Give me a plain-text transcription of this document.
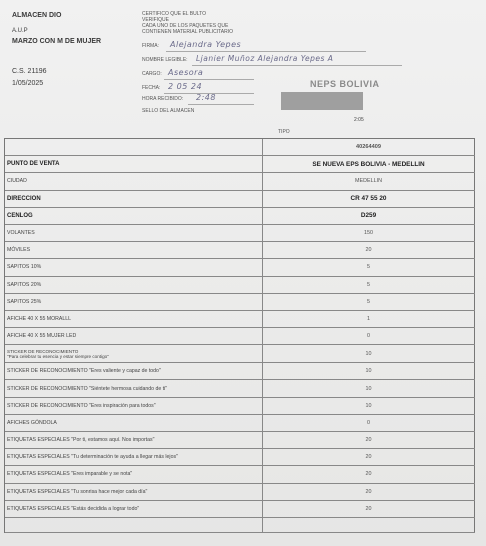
ALMACEN DIO
A.U.P
MARZO CON M DE MUJER
C.S. 21196
1/05/2025
CERTIFICO QUE EL BULTO
VERIFIQUE
CADA UNO DE LOS PAQUETES QUE
CONTIENEN MATERIAL PUBLICITARIO
FIRMA: Alejandra Yepes
NOMBRE LEGIBLE: Ljanier Muñoz Alejandra Yepes A
CARGO: Asesora
FECHA: 2 05 24
HORA RECIBIDO: 2:48
SELLO DEL ALMACEN
NEPS BOLIVIA
2:05
TIPO
40264409
PUNTO DE VENTA	SE NUEVA EPS BOLIVIA - MEDELLIN
CIUDAD	MEDELLIN
DIRECCION	CR 47 55 20
CENLOG	D259
VOLANTES	150
MÓVILES	20
SAPITOS 10%	5
SAPITOS 20%	5
SAPITOS 25%	5
AFICHE 40 X 55 MORALLL	1
AFICHE 40 X 55 MUJER LED	0
STICKER DE RECONOCIMIENTO
"Para celebrar tu esencia y estar siempre contigo"	10
STICKER DE RECONOCIMIENTO "Eres valiente y capaz de todo"	10
STICKER DE RECONOCIMIENTO "Siéntete hermosa cuidando de ti"	10
STICKER DE RECONOCIMIENTO "Eres inspiración para todos"	10
AFICHES GÓNDOLA	0
ETIQUETAS ESPECIALES "Por ti, estamos aquí. Nos importas"	20
ETIQUETAS ESPECIALES "Tu determinación te ayuda a llegar más lejos"	20
ETIQUETAS ESPECIALES "Eres imparable y se nota"	20
ETIQUETAS ESPECIALES "Tu sonrisa hace mejor cada día"	20
ETIQUETAS ESPECIALES "Estás decidida a lograr todo"	20
